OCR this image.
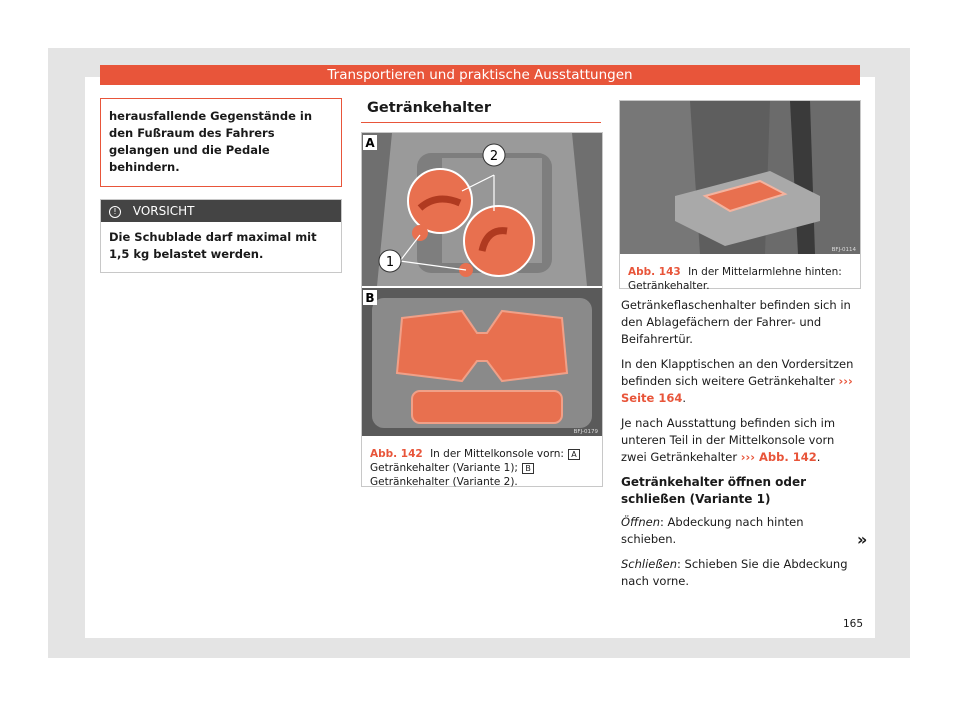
Transportieren und praktische Ausstattungen
herausfallende Gegenstände in den Fußraum des Fahrers gelangen und die Pedale behindern.
! VORSICHT
Die Schublade darf maximal mit 1,5 kg belastet werden.
Getränkehalter
1
2
A
B
BFJ-0179
Abb. 142 In der Mittelkonsole vorn: A Getränkehalter (Variante 1); B Getränkehalter (Variante 2).
BFJ-0114
Abb. 143 In der Mittelarmlehne hinten: Getränkehalter.

Getränkeflaschenhalter befinden sich in den Ablagefächern der Fahrer- und Beifahrertür.

In den Klapptischen an den Vordersitzen befinden sich weitere Getränkehalter ››› Seite 164.

Je nach Ausstattung befinden sich im unteren Teil in der Mittelkonsole vorn zwei Getränkehalter ››› Abb. 142.

Getränkehalter öffnen oder schließen (Variante 1)

Öffnen: Abdeckung nach hinten schieben.

Schließen: Schieben Sie die Abdeckung nach vorne.

»
165
